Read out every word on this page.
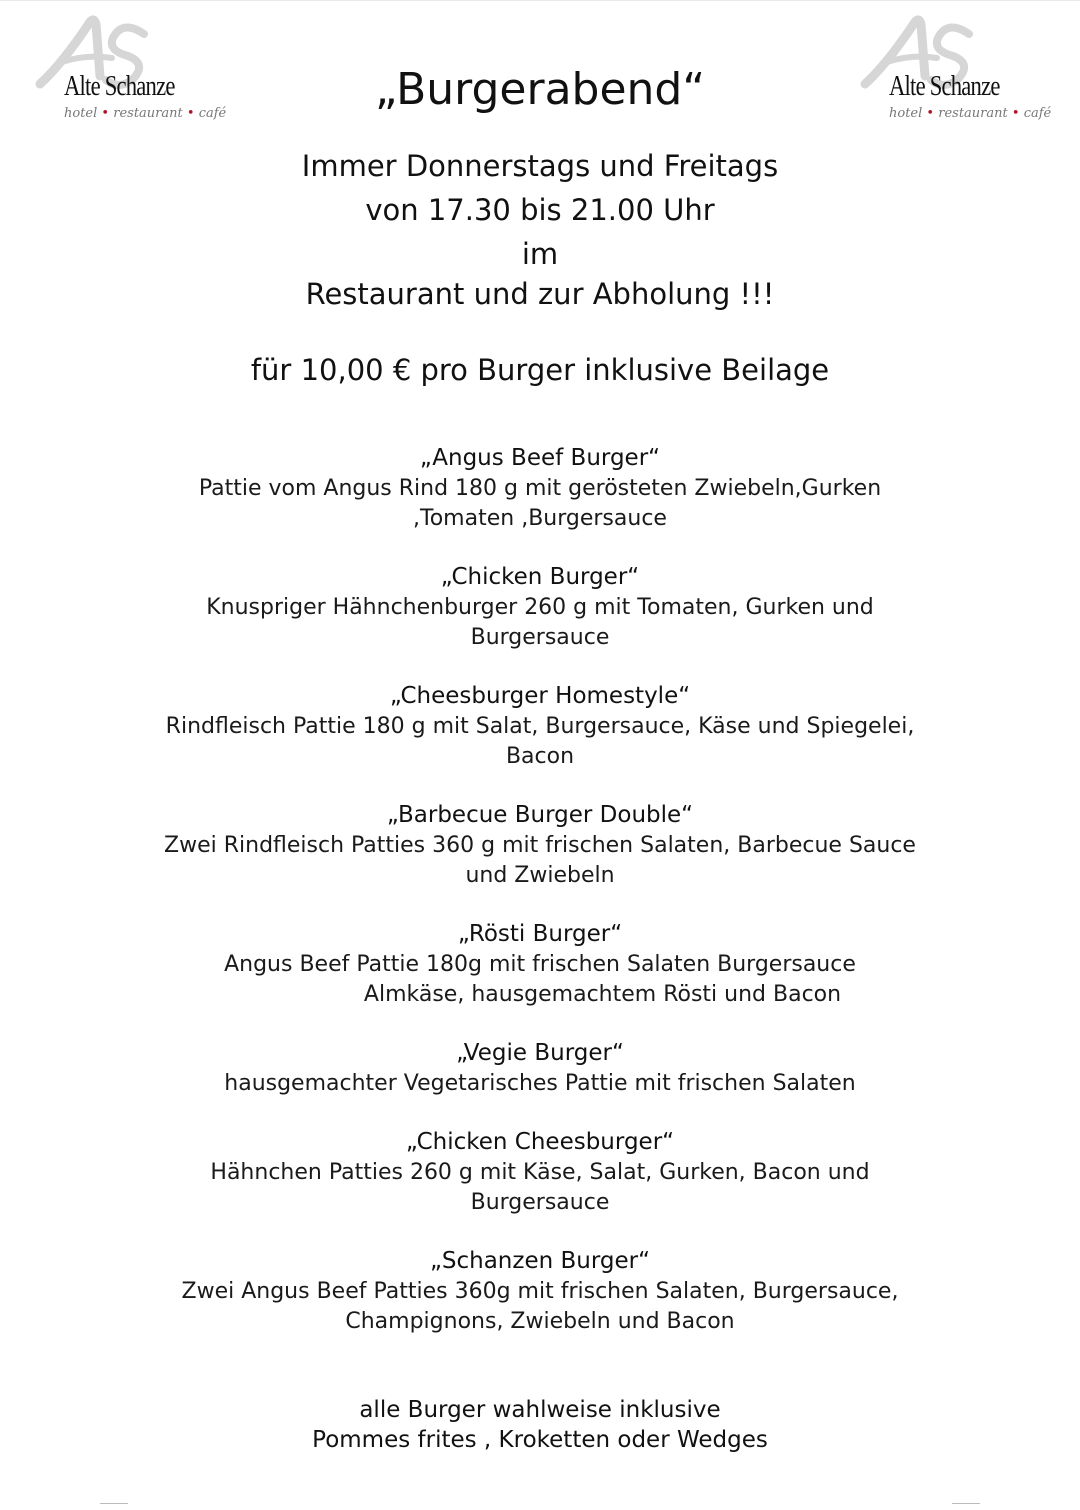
Alte Schanze
hotel • restaurant • café
Alte Schanze
hotel • restaurant • café
„Burgerabend“
Immer Donnerstags und Freitags
von 17.30 bis 21.00 Uhr
im
Restaurant und zur Abholung !!!
für 10,00 € pro Burger inklusive Beilage
„Angus Beef Burger“
Pattie vom Angus Rind 180 g mit gerösteten Zwiebeln,Gurken
,Tomaten ,Burgersauce
„Chicken Burger“
Knuspriger Hähnchenburger 260 g mit Tomaten, Gurken und
Burgersauce
„Cheesburger Homestyle“
Rindfleisch Pattie 180 g mit Salat, Burgersauce, Käse und Spiegelei,
Bacon
„Barbecue Burger Double“
Zwei Rindfleisch Patties 360 g mit frischen Salaten, Barbecue Sauce
und Zwiebeln
„Rösti Burger“
Angus Beef Pattie 180g mit frischen Salaten Burgersauce
Almkäse, hausgemachtem Rösti und Bacon
„Vegie Burger“
hausgemachter Vegetarisches Pattie mit frischen Salaten
„Chicken Cheesburger“
Hähnchen Patties 260 g mit Käse, Salat, Gurken, Bacon und
Burgersauce
„Schanzen Burger“
Zwei Angus Beef Patties 360g mit frischen Salaten, Burgersauce,
Champignons, Zwiebeln und Bacon
alle Burger wahlweise inklusive
Pommes frites , Kroketten oder Wedges
